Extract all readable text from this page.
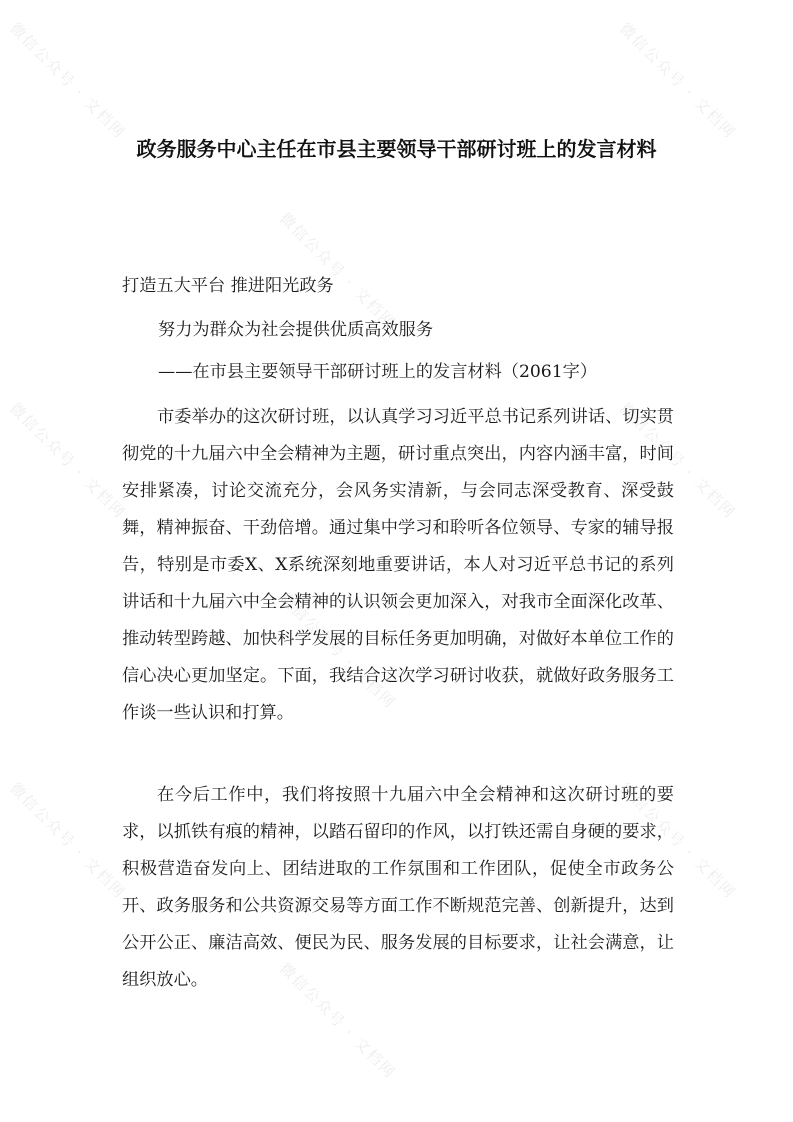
微信公众号 · 文档网	微信公众号 · 文档网
微信公众号 · 文档网
微信公众号 · 文档网
微信公众号 · 文档网
微信公众号 · 文档网
微信公众号 · 文档网	微信公众号 · 文档网
微信公众号 · 文档网
政务服务中心主任在市县主要领导干部研讨班上的发言材料
打造五大平台 推进阳光政务
努力为群众为社会提供优质高效服务
——在市县主要领导干部研讨班上的发言材料（2061字）

市委举办的这次研讨班，以认真学习习近平总书记系列讲话、切实贯彻党的十九届六中全会精神为主题，研讨重点突出，内容内涵丰富，时间安排紧凑，讨论交流充分，会风务实清新，与会同志深受教育、深受鼓舞，精神振奋、干劲倍增。通过集中学习和聆听各位领导、专家的辅导报告，特别是市委X、X系统深刻地重要讲话，本人对习近平总书记的系列讲话和十九届六中全会精神的认识领会更加深入，对我市全面深化改革、推动转型跨越、加快科学发展的目标任务更加明确，对做好本单位工作的信心决心更加坚定。下面，我结合这次学习研讨收获，就做好政务服务工作谈一些认识和打算。

在今后工作中，我们将按照十九届六中全会精神和这次研讨班的要求，以抓铁有痕的精神，以踏石留印的作风，以打铁还需自身硬的要求，积极营造奋发向上、团结进取的工作氛围和工作团队，促使全市政务公开、政务服务和公共资源交易等方面工作不断规范完善、创新提升，达到公开公正、廉洁高效、便民为民、服务发展的目标要求，让社会满意，让组织放心。
